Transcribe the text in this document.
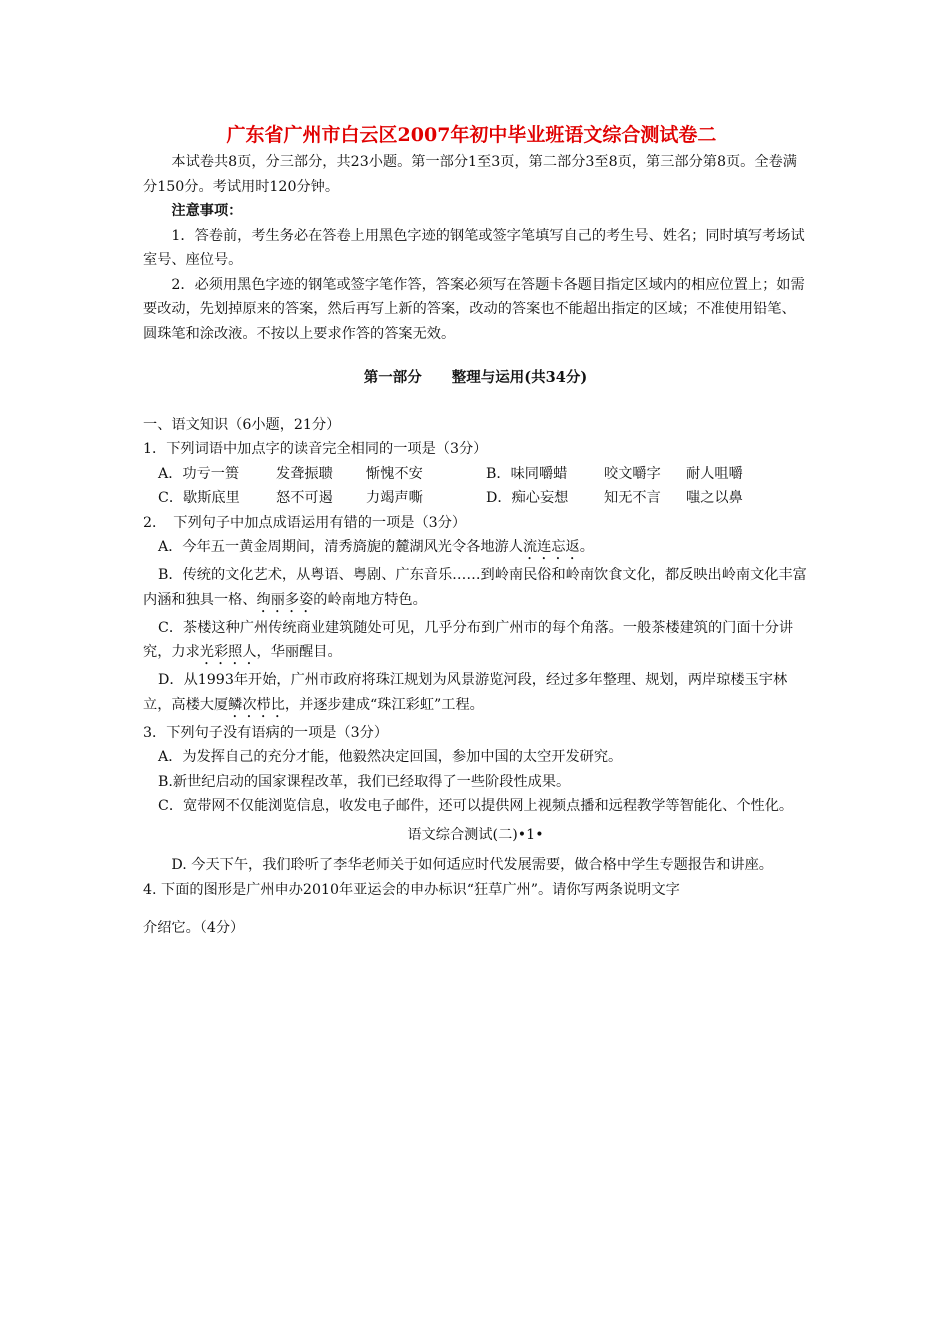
广东省广州市白云区2007年初中毕业班语文综合测试卷二

本试卷共8页，分三部分，共23小题。第一部分1至3页，第二部分3至8页，第三部分第8页。全卷满分150分。考试用时120分钟。

注意事项：

1．答卷前，考生务必在答卷上用黑色字迹的钢笔或签字笔填写自己的考生号、姓名；同时填写考场试室号、座位号。

2．必须用黑色字迹的钢笔或签字笔作答，答案必须写在答题卡各题目指定区域内的相应位置上；如需要改动，先划掉原来的答案，然后再写上新的答案，改动的答案也不能超出指定的区域；不准使用铅笔、圆珠笔和涂改液。不按以上要求作答的答案无效。

第一部分 整理与运用(共34分)

一、语文知识（6小题，21分）

1．下列词语中加点字的读音完全相同的一项是（3分）

A．功亏一篑	发聋振聩	惭愧不安	B．味同嚼蜡	咬文嚼字	耐人咀嚼
C．歇斯底里	怒不可遏	力竭声嘶	D．痴心妄想	知无不言	嗤之以鼻

2．　下列句子中加点成语运用有错的一项是（3分）

A．今年五一黄金周期间，清秀旖旎的麓湖风光令各地游人流连忘返。

B．传统的文化艺术，从粤语、粤剧、广东音乐……到岭南民俗和岭南饮食文化，都反映出岭南文化丰富内涵和独具一格、绚丽多姿的岭南地方特色。

C．茶楼这种广州传统商业建筑随处可见，几乎分布到广州市的每个角落。一般茶楼建筑的门面十分讲究，力求光彩照人，华丽醒目。

D．从1993年开始，广州市政府将珠江规划为风景游览河段，经过多年整理、规划，两岸琼楼玉宇林立，高楼大厦鳞次栉比，并逐步建成“珠江彩虹”工程。

3．下列句子没有语病的一项是（3分）

A．为发挥自己的充分才能，他毅然决定回国，参加中国的太空开发研究。

B.新世纪启动的国家课程改革，我们已经取得了一些阶段性成果。

C．宽带网不仅能浏览信息，收发电子邮件，还可以提供网上视频点播和远程教学等智能化、个性化。

语文综合测试(二)•1•

D. 今天下午，我们聆听了李华老师关于如何适应时代发展需要，做合格中学生专题报告和讲座。

4. 下面的图形是广州申办2010年亚运会的申办标识“狂草广州”。请你写两条说明文字

介绍它。（4分）
